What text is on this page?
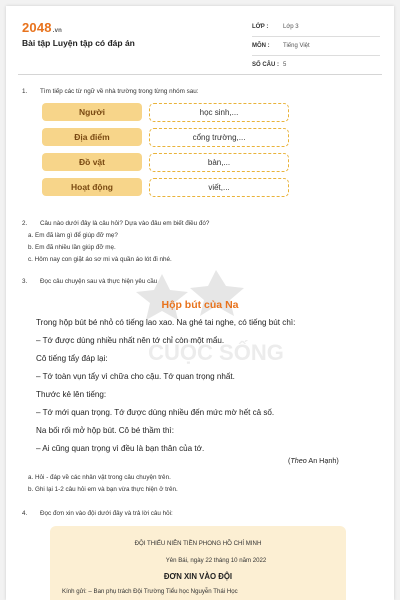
2048.vn
Bài tập Luyện tập có đáp án
LỚP :	Lớp 3
MÔN :	Tiếng Việt
SỐ CÂU : 5
1. Tìm tiếp các từ ngữ về nhà trường trong từng nhóm sau:
Người	học sinh,...
Địa điểm	cổng trường,...
Đồ vật	bàn,...
Hoạt động	viết,...
2. Câu nào dưới đây là câu hỏi? Dựa vào đâu em biết điều đó?
a. Em đã làm gì để giúp đỡ mẹ?
b. Em đã nhiều lần giúp đỡ mẹ.
c. Hôm nay con giặt áo sơ mi và quần áo lót đi nhé.
CUỘC SỐNG
3. Đọc câu chuyện sau và thực hiện yêu cầu
Hộp bút của Na
Trong hộp bút bé nhỏ có tiếng lao xao. Na ghé tai nghe, có tiếng bút chì:
– Tớ được dùng nhiều nhất nên tớ chỉ còn một mẩu.
Cô tiếng tẩy đáp lại:
– Tớ toàn vụn tẩy vì chữa cho cậu. Tớ quan trọng nhất.
Thước kẻ lên tiếng:
– Tớ mới quan trọng. Tớ được dùng nhiều đến mức mờ hết cả số.
Na bối rối mở hộp bút. Cô bé thầm thì:
– Ai cũng quan trọng vì đều là bạn thân của tớ.
(Theo An Hạnh)
a. Hỏi - đáp về các nhân vật trong câu chuyện trên.
b. Ghi lại 1-2 câu hỏi em và bạn vừa thực hiện ở trên.
4. Đọc đơn xin vào đội dưới đây và trả lời câu hỏi:
ĐỘI THIẾU NIÊN TIỀN PHONG HỒ CHÍ MINH
Yên Bái, ngày 22 tháng 10 năm 2022
ĐƠN XIN VÀO ĐỘI
Kính gửi: – Ban phụ trách Đội Trường Tiểu học Nguyễn Thái Học
